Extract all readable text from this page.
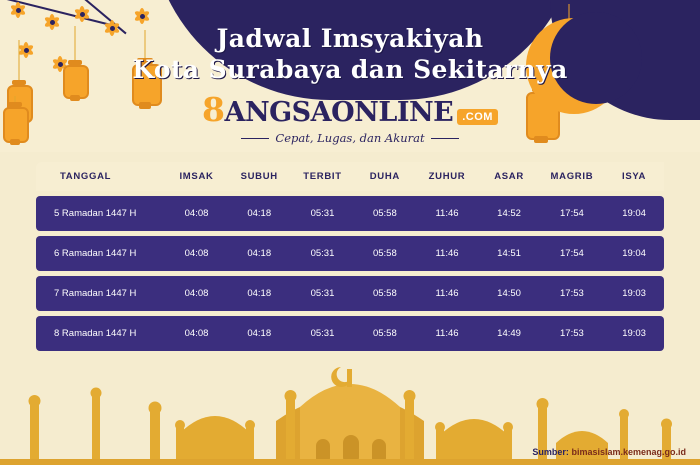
Jadwal Imsyakiyah
Kota Surabaya dan Sekitarnya
8ANGSAONLINE .COM
Cepat, Lugas, dan Akurat
TANGGAL	IMSAK	SUBUH	TERBIT	DUHA	ZUHUR	ASAR	MAGRIB	ISYA
5 Ramadan 1447 H	04:08	04:18	05:31	05:58	11:46	14:52	17:54	19:04
6 Ramadan 1447 H	04:08	04:18	05:31	05:58	11:46	14:51	17:54	19:04
7 Ramadan 1447 H	04:08	04:18	05:31	05:58	11:46	14:50	17:53	19:03
8 Ramadan 1447 H	04:08	04:18	05:31	05:58	11:46	14:49	17:53	19:03
Sumber: bimasislam.kemenag.go.id
